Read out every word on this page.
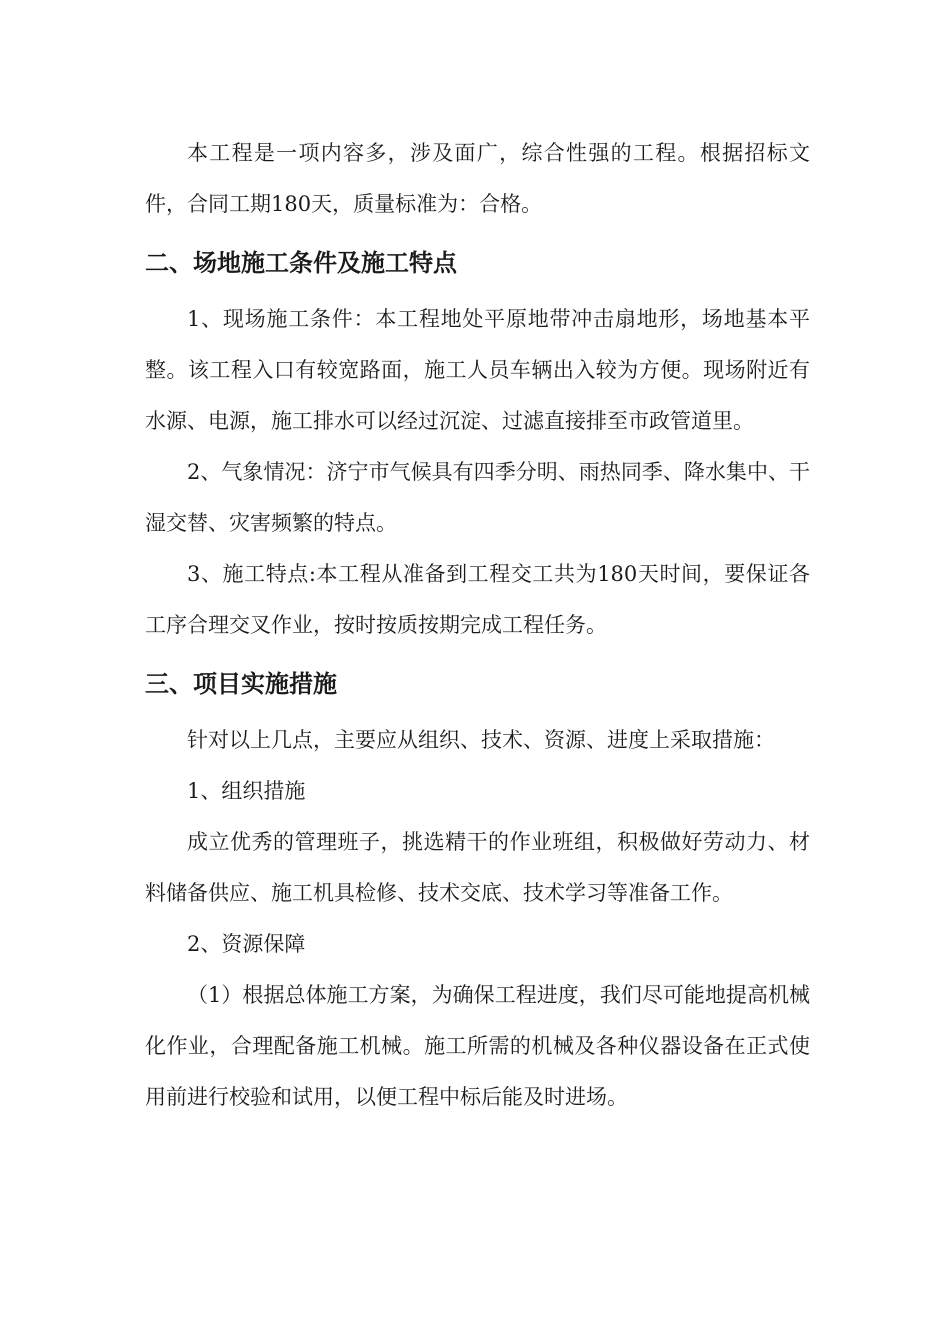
本工程是一项内容多，涉及面广，综合性强的工程。根据招标文件，合同工期180天，质量标准为：合格。

二、场地施工条件及施工特点

1、现场施工条件：本工程地处平原地带冲击扇地形，场地基本平整。该工程入口有较宽路面，施工人员车辆出入较为方便。现场附近有水源、电源，施工排水可以经过沉淀、过滤直接排至市政管道里。

2、气象情况：济宁市气候具有四季分明、雨热同季、降水集中、干湿交替、灾害频繁的特点。

3、施工特点:本工程从准备到工程交工共为180天时间，要保证各工序合理交叉作业，按时按质按期完成工程任务。

三、项目实施措施

针对以上几点，主要应从组织、技术、资源、进度上采取措施：

1、组织措施

成立优秀的管理班子，挑选精干的作业班组，积极做好劳动力、材料储备供应、施工机具检修、技术交底、技术学习等准备工作。

2、资源保障

（1）根据总体施工方案，为确保工程进度，我们尽可能地提高机械化作业，合理配备施工机械。施工所需的机械及各种仪器设备在正式使用前进行校验和试用，以便工程中标后能及时进场。
